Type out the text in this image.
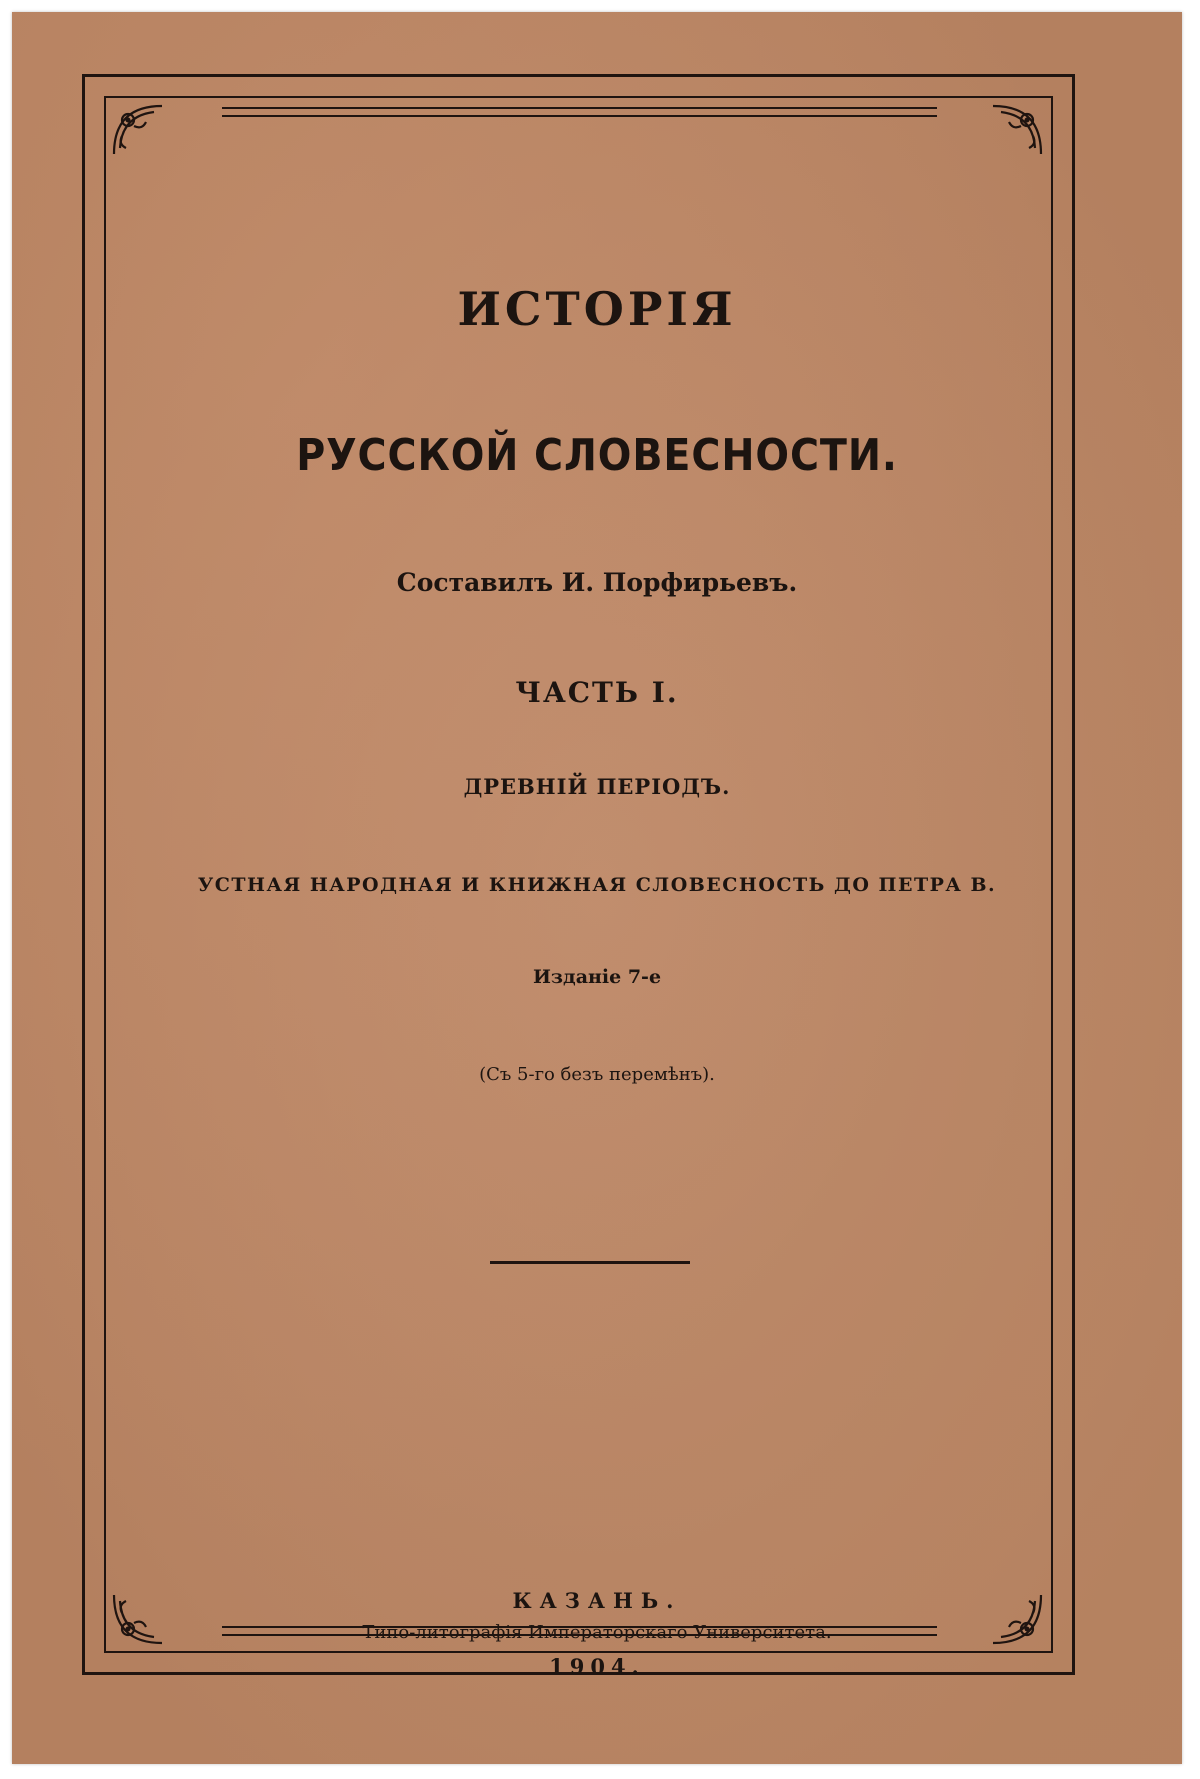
ИСТОРІЯ
РУССКОЙ СЛОВЕСНОСТИ.
Составилъ И. Порфирьевъ.
ЧАСТЬ I.
ДРЕВНІЙ ПЕРІОДЪ.
УСТНАЯ НАРОДНАЯ И КНИЖНАЯ СЛОВЕСНОСТЬ ДО ПЕТРА В.
Изданіе 7-е
(Съ 5-го безъ перемѣнъ).
КАЗАНЬ.
Типо-литографія Императорскаго Университета.
1904.
